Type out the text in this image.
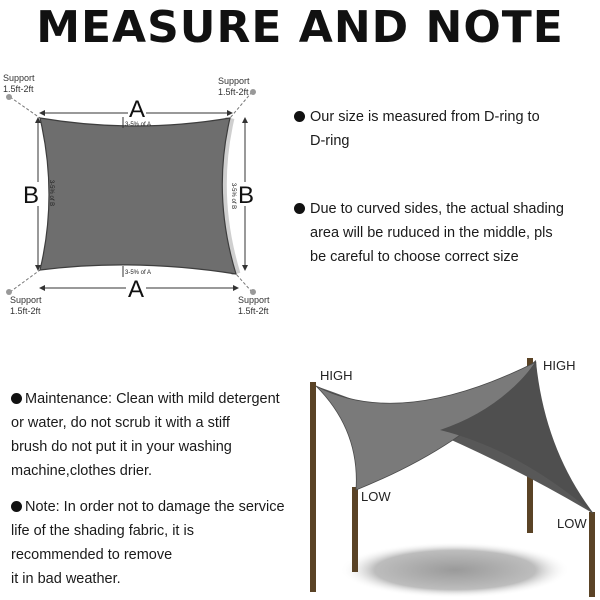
MEASURE AND NOTE
A
3-5% of A
A
3-5% of A
B 3-5% of B	B
3-5% of B
Support
1.5ft-2ft
Support
1.5ft-2ft
Support
1.5ft-2ft
Support
1.5ft-2ft
Our size is measured from D-ring to
D-ring
Due to curved sides, the actual shading
area will be ruduced in the middle, pls
be careful to choose correct size
Maintenance: Clean with mild detergent
or water, do not scrub it with a stiff
brush do not put it in your washing
machine,clothes drier.
Note: In order not to damage the service
life of the shading fabric, it is
recommended to remove
it in bad weather.
HIGH
HIGH
LOW
LOW
